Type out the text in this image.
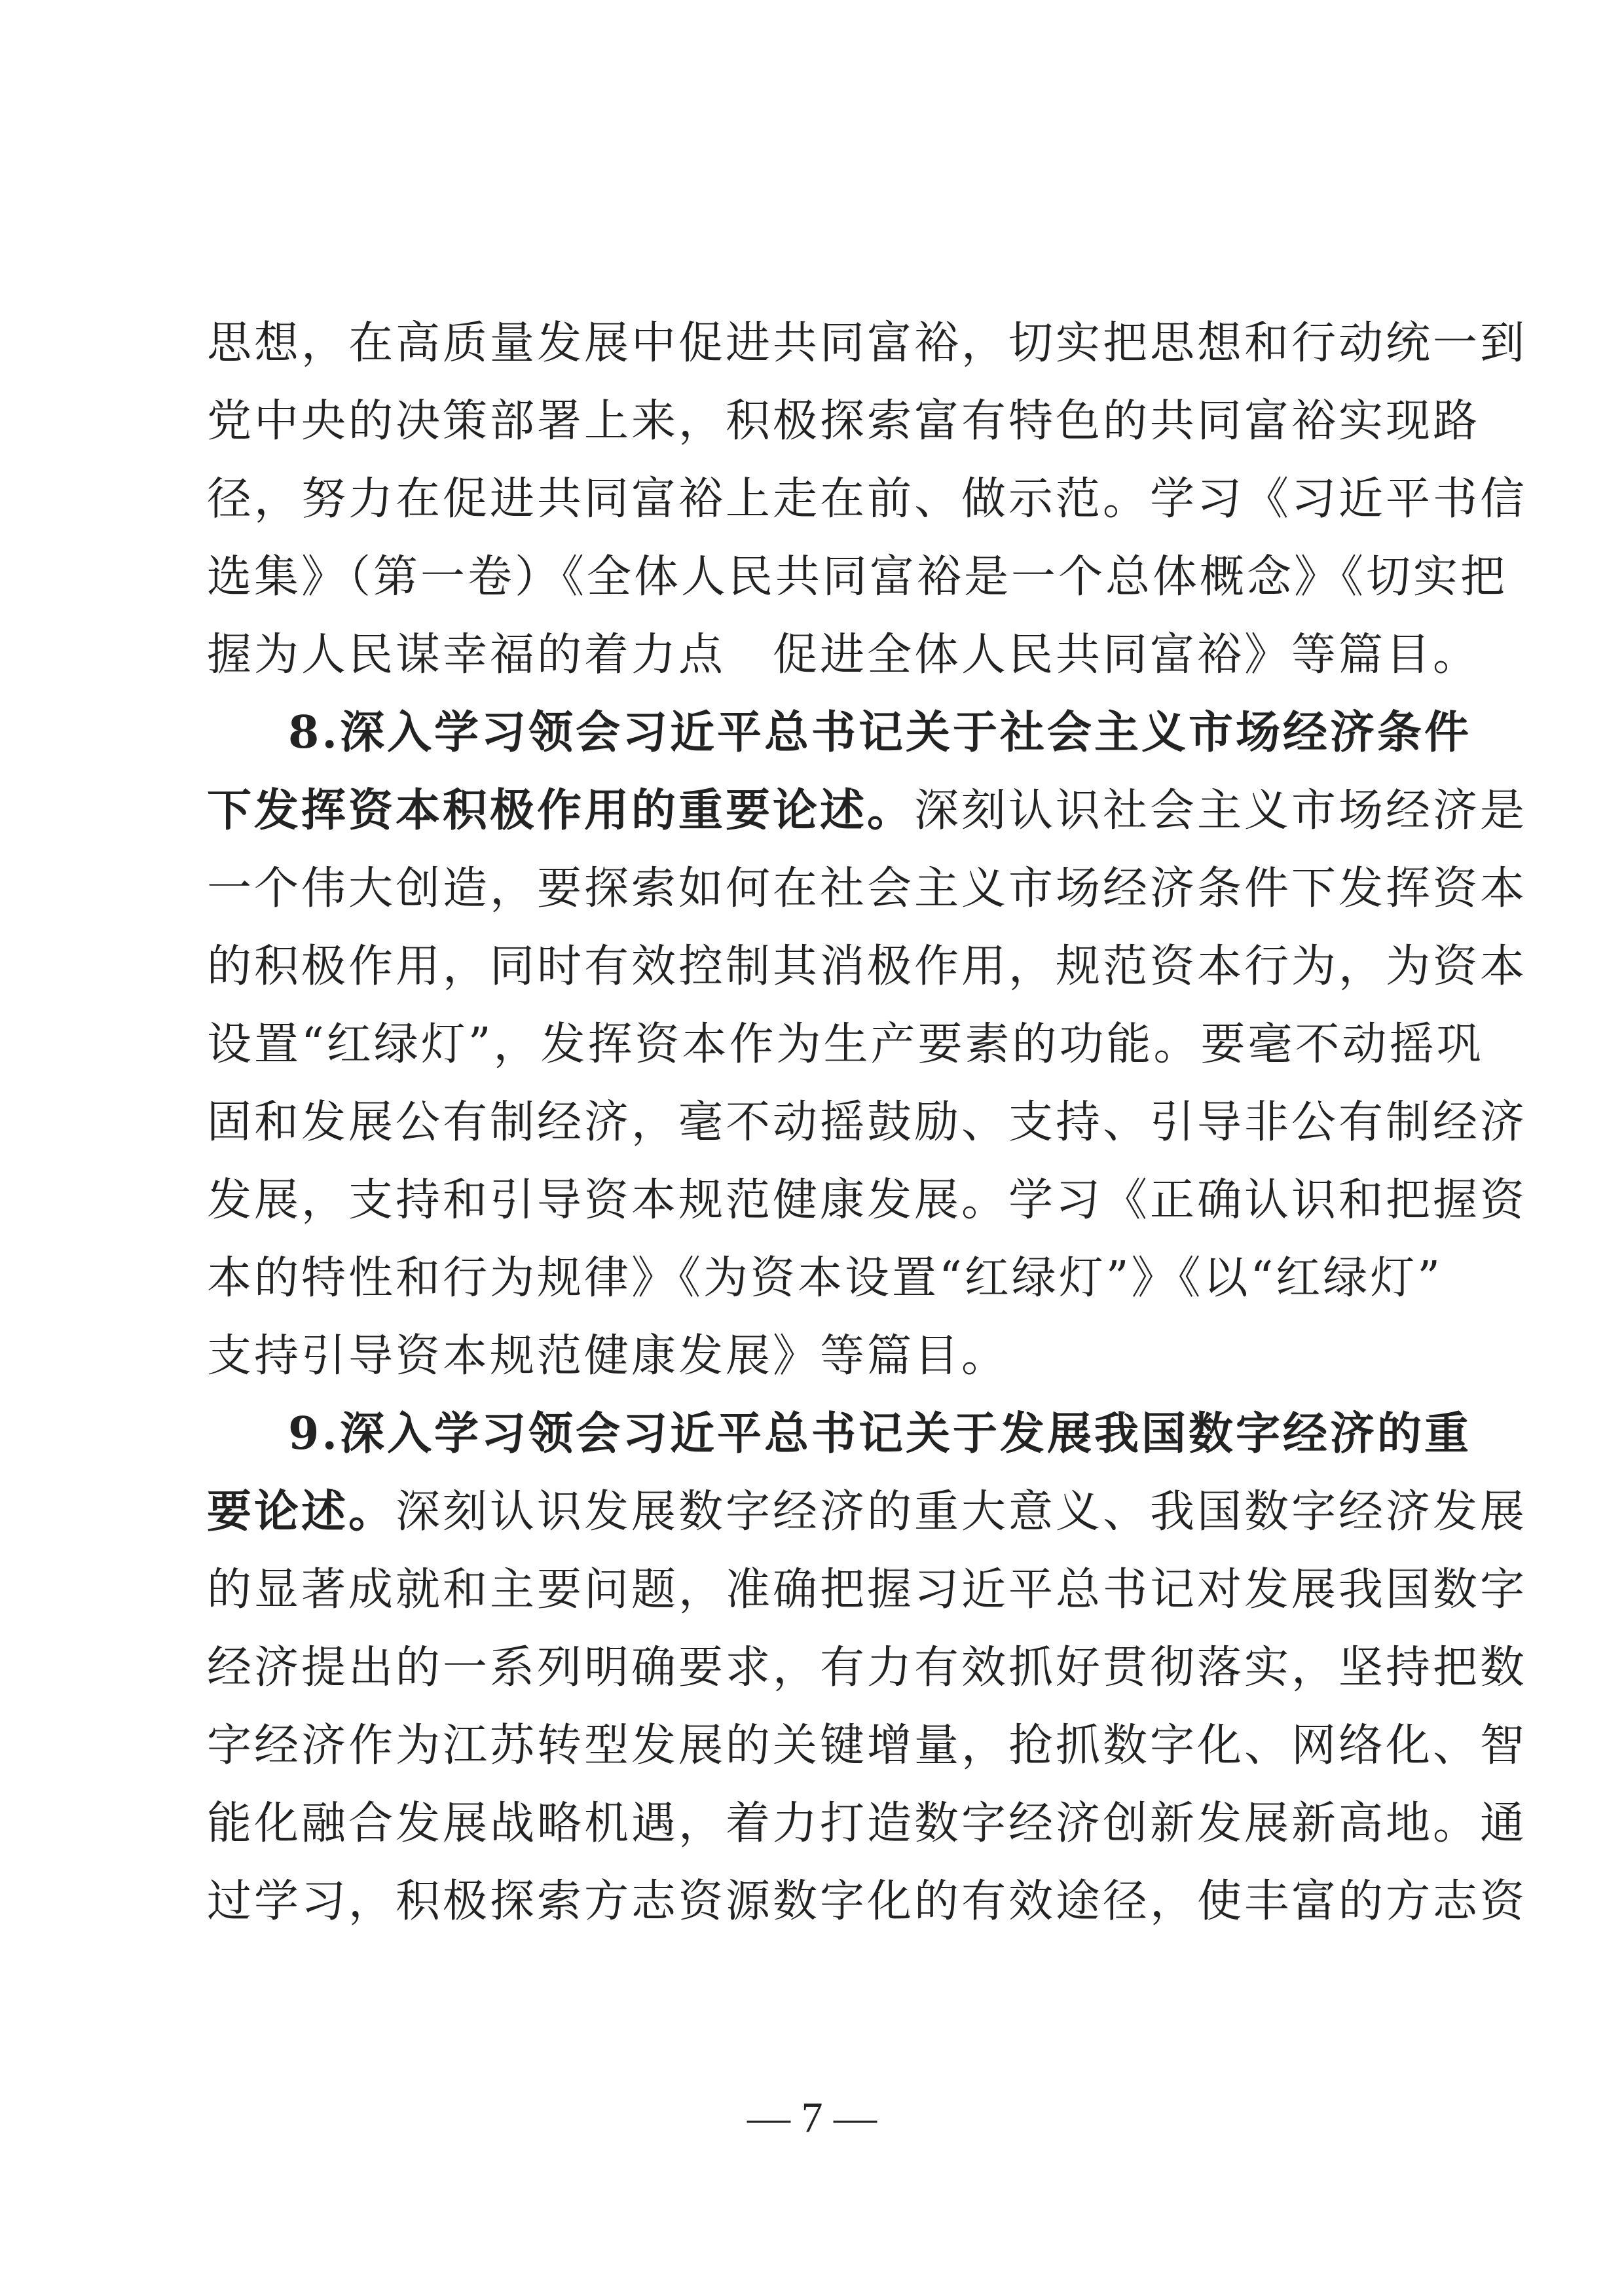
思想，在高质量发展中促进共同富裕，切实把思想和行动统一到
党中央的决策部署上来，积极探索富有特色的共同富裕实现路
径，努力在促进共同富裕上走在前、做示范。学习《习近平书信
选集》（第一卷）《全体人民共同富裕是一个总体概念》《切实把
握为人民谋幸福的着力点　促进全体人民共同富裕》等篇目。
8.深入学习领会习近平总书记关于社会主义市场经济条件
下发挥资本积极作用的重要论述。深刻认识社会主义市场经济是
一个伟大创造，要探索如何在社会主义市场经济条件下发挥资本
的积极作用，同时有效控制其消极作用，规范资本行为，为资本
设置“红绿灯”，发挥资本作为生产要素的功能。要毫不动摇巩
固和发展公有制经济，毫不动摇鼓励、支持、引导非公有制经济
发展，支持和引导资本规范健康发展。学习《正确认识和把握资
本的特性和行为规律》《为资本设置“红绿灯”》《以“红绿灯”
支持引导资本规范健康发展》等篇目。
9.深入学习领会习近平总书记关于发展我国数字经济的重
要论述。深刻认识发展数字经济的重大意义、我国数字经济发展
的显著成就和主要问题，准确把握习近平总书记对发展我国数字
经济提出的一系列明确要求，有力有效抓好贯彻落实，坚持把数
字经济作为江苏转型发展的关键增量，抢抓数字化、网络化、智
能化融合发展战略机遇，着力打造数字经济创新发展新高地。通
过学习，积极探索方志资源数字化的有效途径，使丰富的方志资
— 7 —
